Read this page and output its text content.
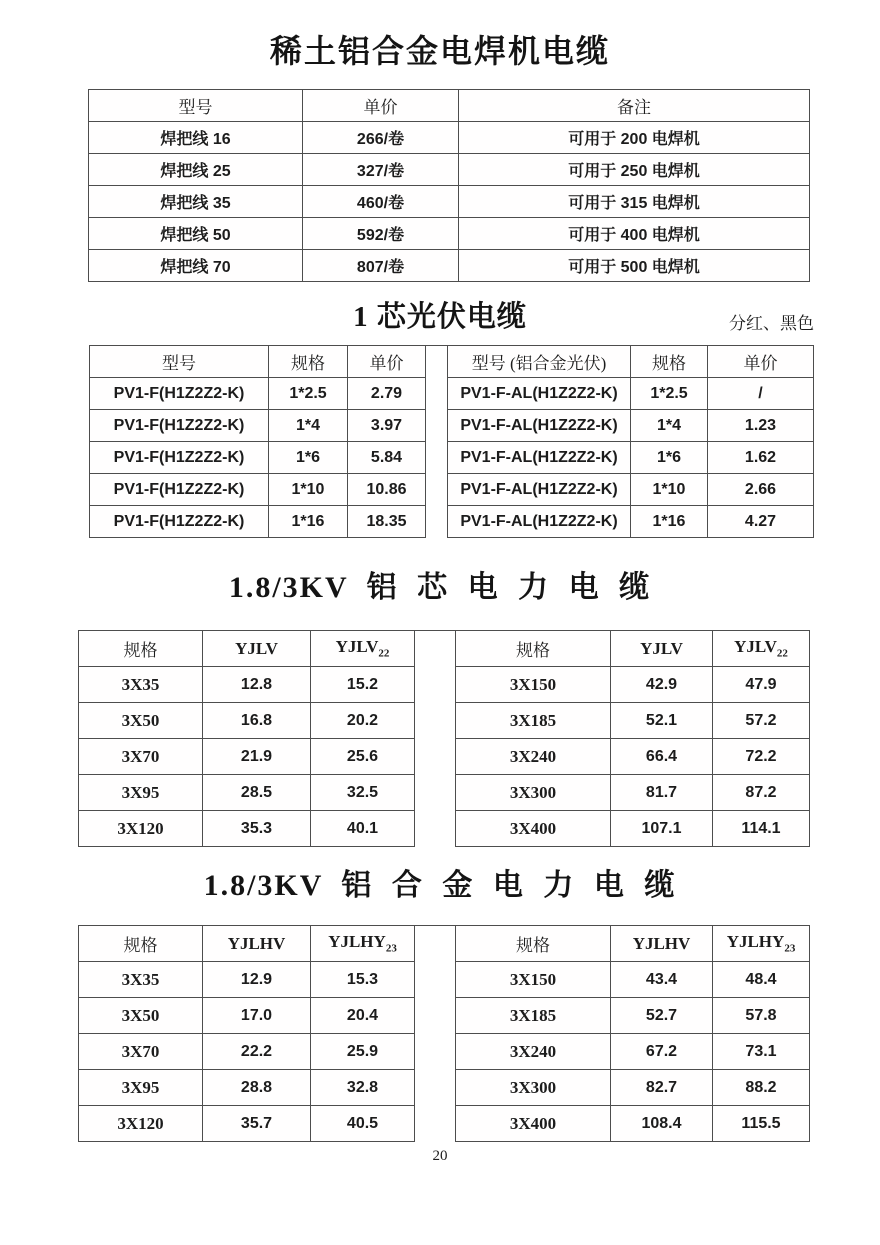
稀土铝合金电焊机电缆
型号	单价	备注
焊把线 16	266/卷	可用于 200 电焊机
焊把线 25	327/卷	可用于 250 电焊机
焊把线 35	460/卷	可用于 315 电焊机
焊把线 50	592/卷	可用于 400 电焊机
焊把线 70	807/卷	可用于 500 电焊机
1 芯光伏电缆	分红、黑色
型号	规格	单价
PV1-F(H1Z2Z2-K)	1*2.5	2.79
PV1-F(H1Z2Z2-K)	1*4	3.97
PV1-F(H1Z2Z2-K)	1*6	5.84
PV1-F(H1Z2Z2-K)	1*10	10.86
PV1-F(H1Z2Z2-K)	1*16	18.35
型号 (铝合金光伏)	规格	单价
PV1-F-AL(H1Z2Z2-K)	1*2.5	/
PV1-F-AL(H1Z2Z2-K)	1*4	1.23
PV1-F-AL(H1Z2Z2-K)	1*6	1.62
PV1-F-AL(H1Z2Z2-K)	1*10	2.66
PV1-F-AL(H1Z2Z2-K)	1*16	4.27
1.8/3KV 铝 芯 电 力 电 缆
规格	YJLV	$YJLV_{22}$
3X35	12.8	15.2
3X50	16.8	20.2
3X70	21.9	25.6
3X95	28.5	32.5
3X120	35.3	40.1
规格	YJLV	$YJLV_{22}$
3X150	42.9	47.9
3X185	52.1	57.2
3X240	66.4	72.2
3X300	81.7	87.2
3X400	107.1	114.1
1.8/3KV 铝 合 金 电 力 电 缆
规格	YJLHV	$YJLHY_{23}$
3X35	12.9	15.3
3X50	17.0	20.4
3X70	22.2	25.9
3X95	28.8	32.8
3X120	35.7	40.5
规格	YJLHV	$YJLHY_{23}$
3X150	43.4	48.4
3X185	52.7	57.8
3X240	67.2	73.1
3X300	82.7	88.2
3X400	108.4	115.5
20
